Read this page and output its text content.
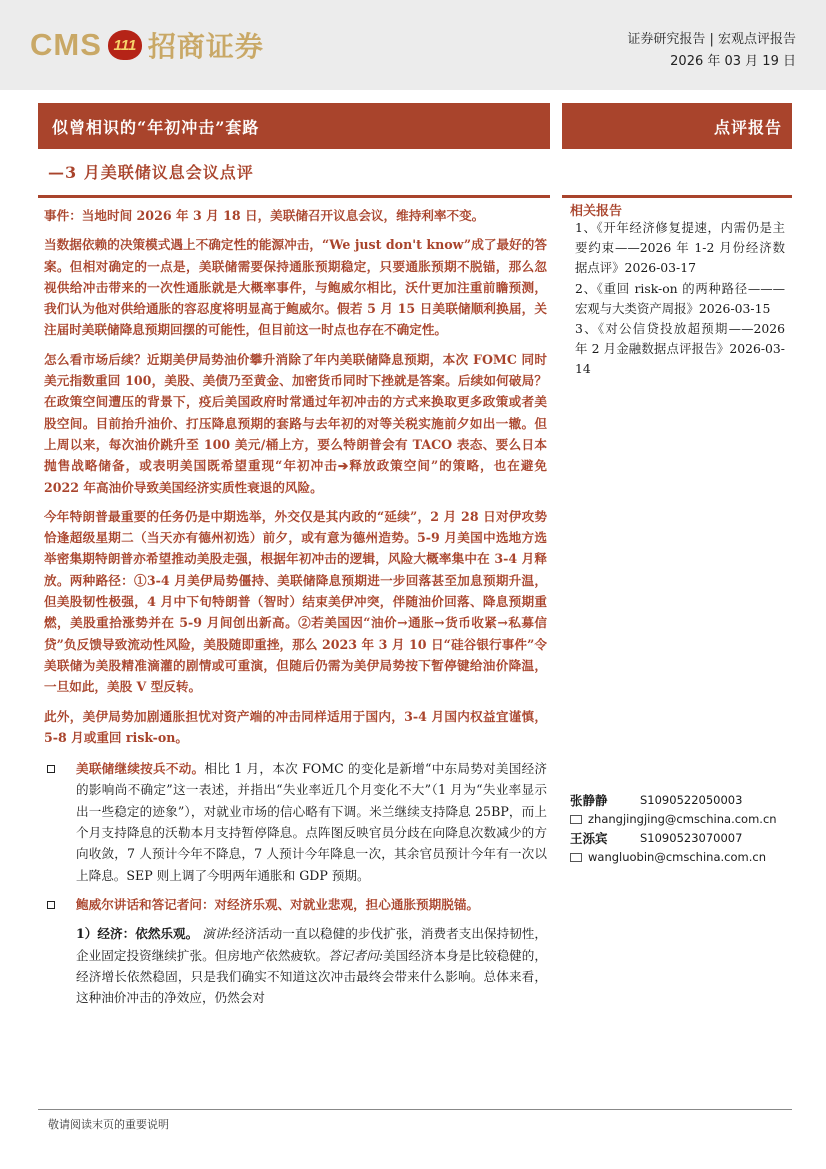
CMS 111 招商证券	证券研究报告 | 宏观点评报告
2026 年 03 月 19 日
似曾相识的“年初冲击”套路
—3 月美联储议息会议点评
点评报告

事件：当地时间 2026 年 3 月 18 日，美联储召开议息会议，维持利率不变。

当数据依赖的决策模式遇上不确定性的能源冲击，“We just don't know”成了最好的答案。但相对确定的一点是，美联储需要保持通胀预期稳定，只要通胀预期不脱锚，那么忽视供给冲击带来的一次性通胀就是大概率事件，与鲍威尔相比，沃什更加注重前瞻预测，我们认为他对供给通胀的容忍度将明显高于鲍威尔。假若 5 月 15 日美联储顺利换届，关注届时美联储降息预期回摆的可能性，但目前这一时点也存在不确定性。

怎么看市场后续？近期美伊局势油价攀升消除了年内美联储降息预期，本次 FOMC 同时美元指数重回 100，美股、美债乃至黄金、加密货币同时下挫就是答案。后续如何破局？在政策空间遭压的背景下，疫后美国政府时常通过年初冲击的方式来换取更多政策或者美股空间。目前抬升油价、打压降息预期的套路与去年初的对等关税实施前夕如出一辙。但上周以来，每次油价跳升至 100 美元/桶上方，要么特朗普会有 TACO 表态、要么日本抛售战略储备，或表明美国既希望重现“年初冲击➔释放政策空间”的策略，也在避免 2022 年高油价导致美国经济实质性衰退的风险。

今年特朗普最重要的任务仍是中期选举，外交仅是其内政的“延续”，2 月 28 日对伊攻势恰逢超级星期二（当天亦有德州初选）前夕，或有意为德州造势。5-9 月美国中选地方选举密集期特朗普亦希望推动美股走强，根据年初冲击的逻辑，风险大概率集中在 3-4 月释放。两种路径：①3-4 月美伊局势僵持、美联储降息预期进一步回落甚至加息预期升温，但美股韧性极强，4 月中下旬特朗普（智时）结束美伊冲突，伴随油价回落、降息预期重燃，美股重拾涨势并在 5-9 月间创出新高。②若美国因“油价→通胀→货币收紧→私募信贷”负反馈导致流动性风险，美股随即重挫，那么 2023 年 3 月 10 日“硅谷银行事件”令美联储为美股精准滴灌的剧情或可重演，但随后仍需为美伊局势按下暂停键给油价降温，一旦如此，美股 V 型反转。

此外，美伊局势加剧通胀担忧对资产端的冲击同样适用于国内，3-4 月国内权益宜谨慎，5-8 月或重回 risk-on。

美联储继续按兵不动。相比 1 月，本次 FOMC 的变化是新增“中东局势对美国经济的影响尚不确定”这一表述，并指出“失业率近几个月变化不大”（1 月为“失业率显示出一些稳定的迹象”），对就业市场的信心略有下调。米兰继续支持降息 25BP，而上个月支持降息的沃勒本月支持暂停降息。点阵图反映官员分歧在向降息次数减少的方向收敛，7 人预计今年不降息，7 人预计今年降息一次，其余官员预计今年有一次以上降息。SEP 则上调了今明两年通胀和 GDP 预期。

鲍威尔讲话和答记者问：对经济乐观、对就业悲观，担心通胀预期脱锚。

1）经济：依然乐观。 演讲:经济活动一直以稳健的步伐扩张，消费者支出保持韧性，企业固定投资继续扩张。但房地产依然疲软。答记者问:美国经济本身是比较稳健的，经济增长依然稳固，只是我们确实不知道这次冲击最终会带来什么影响。总体来看，这种油价冲击的净效应，仍然会对

相关报告

1、《开年经济修复提速，内需仍是主要约束——2026 年 1-2 月份经济数据点评》2026-03-17

2、《重回 risk-on 的两种路径———宏观与大类资产周报》2026-03-15

3、《对公信贷投放超预期——2026 年 2 月金融数据点评报告》2026-03-14

张静静	S1090522050003
zhangjingjing@cmschina.com.cn
王泺宾	S1090523070007
wangluobin@cmschina.com.cn
敬请阅读末页的重要说明
